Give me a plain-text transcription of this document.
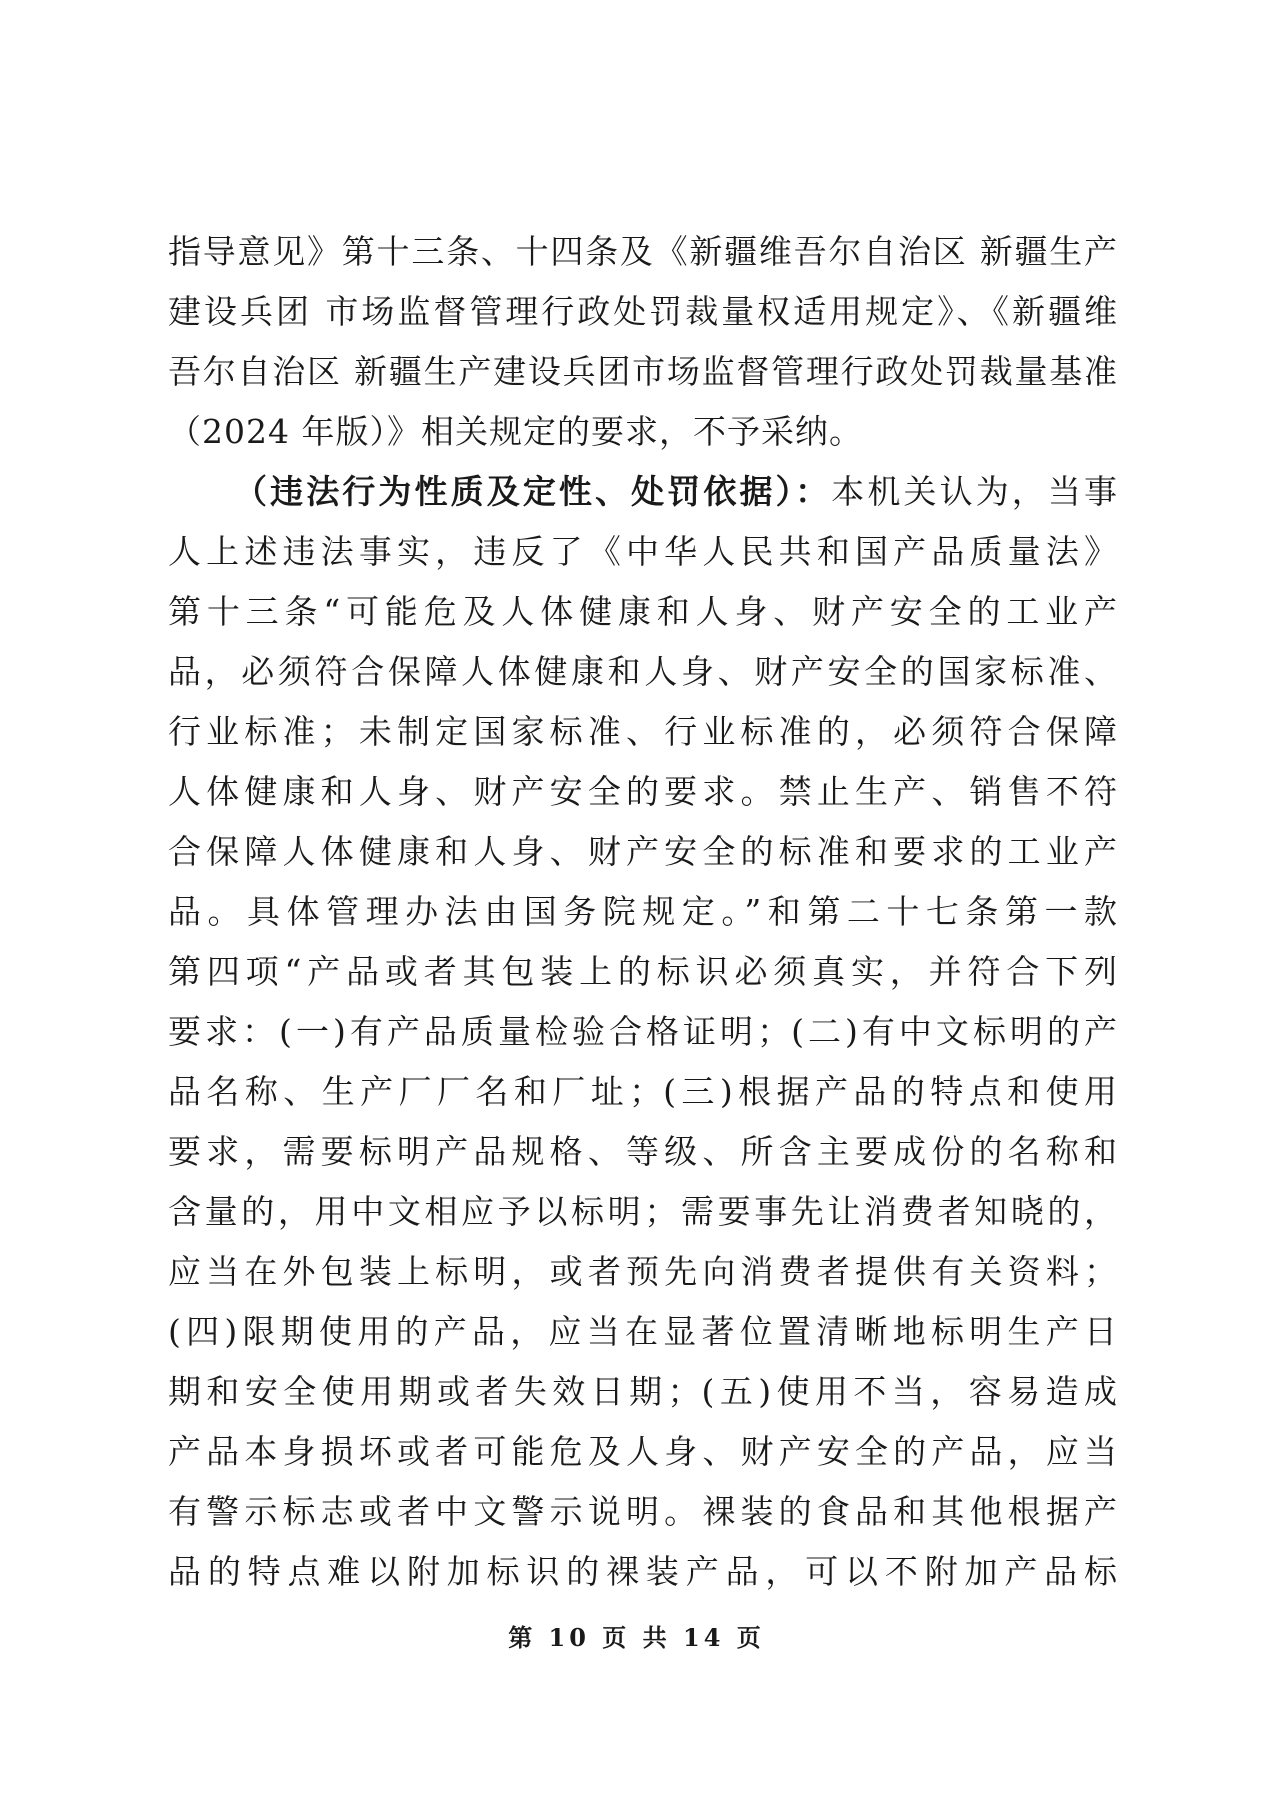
指导意见》第十三条、十四条及《新疆维吾尔自治区 新疆生产
建设兵团 市场监督管理行政处罚裁量权适用规定》、《新疆维
吾尔自治区 新疆生产建设兵团市场监督管理行政处罚裁量基准
（2024 年版）》相关规定的要求，不予采纳。
（违法行为性质及定性、处罚依据）：本机关认为，当事
人上述违法事实，违反了《中华人民共和国产品质量法》
第十三条“可能危及人体健康和人身、财产安全的工业产
品，必须符合保障人体健康和人身、财产安全的国家标准、
行业标准；未制定国家标准、行业标准的，必须符合保障
人体健康和人身、财产安全的要求。禁止生产、销售不符
合保障人体健康和人身、财产安全的标准和要求的工业产
品。具体管理办法由国务院规定。”和第二十七条第一款
第四项“产品或者其包装上的标识必须真实，并符合下列
要求：(一)有产品质量检验合格证明；(二)有中文标明的产
品名称、生产厂厂名和厂址；(三)根据产品的特点和使用
要求，需要标明产品规格、等级、所含主要成份的名称和
含量的，用中文相应予以标明；需要事先让消费者知晓的，
应当在外包装上标明，或者预先向消费者提供有关资料；
(四)限期使用的产品，应当在显著位置清晰地标明生产日
期和安全使用期或者失效日期；(五)使用不当，容易造成
产品本身损坏或者可能危及人身、财产安全的产品，应当
有警示标志或者中文警示说明。裸装的食品和其他根据产
品的特点难以附加标识的裸装产品，可以不附加产品标
第 10 页 共 14 页
